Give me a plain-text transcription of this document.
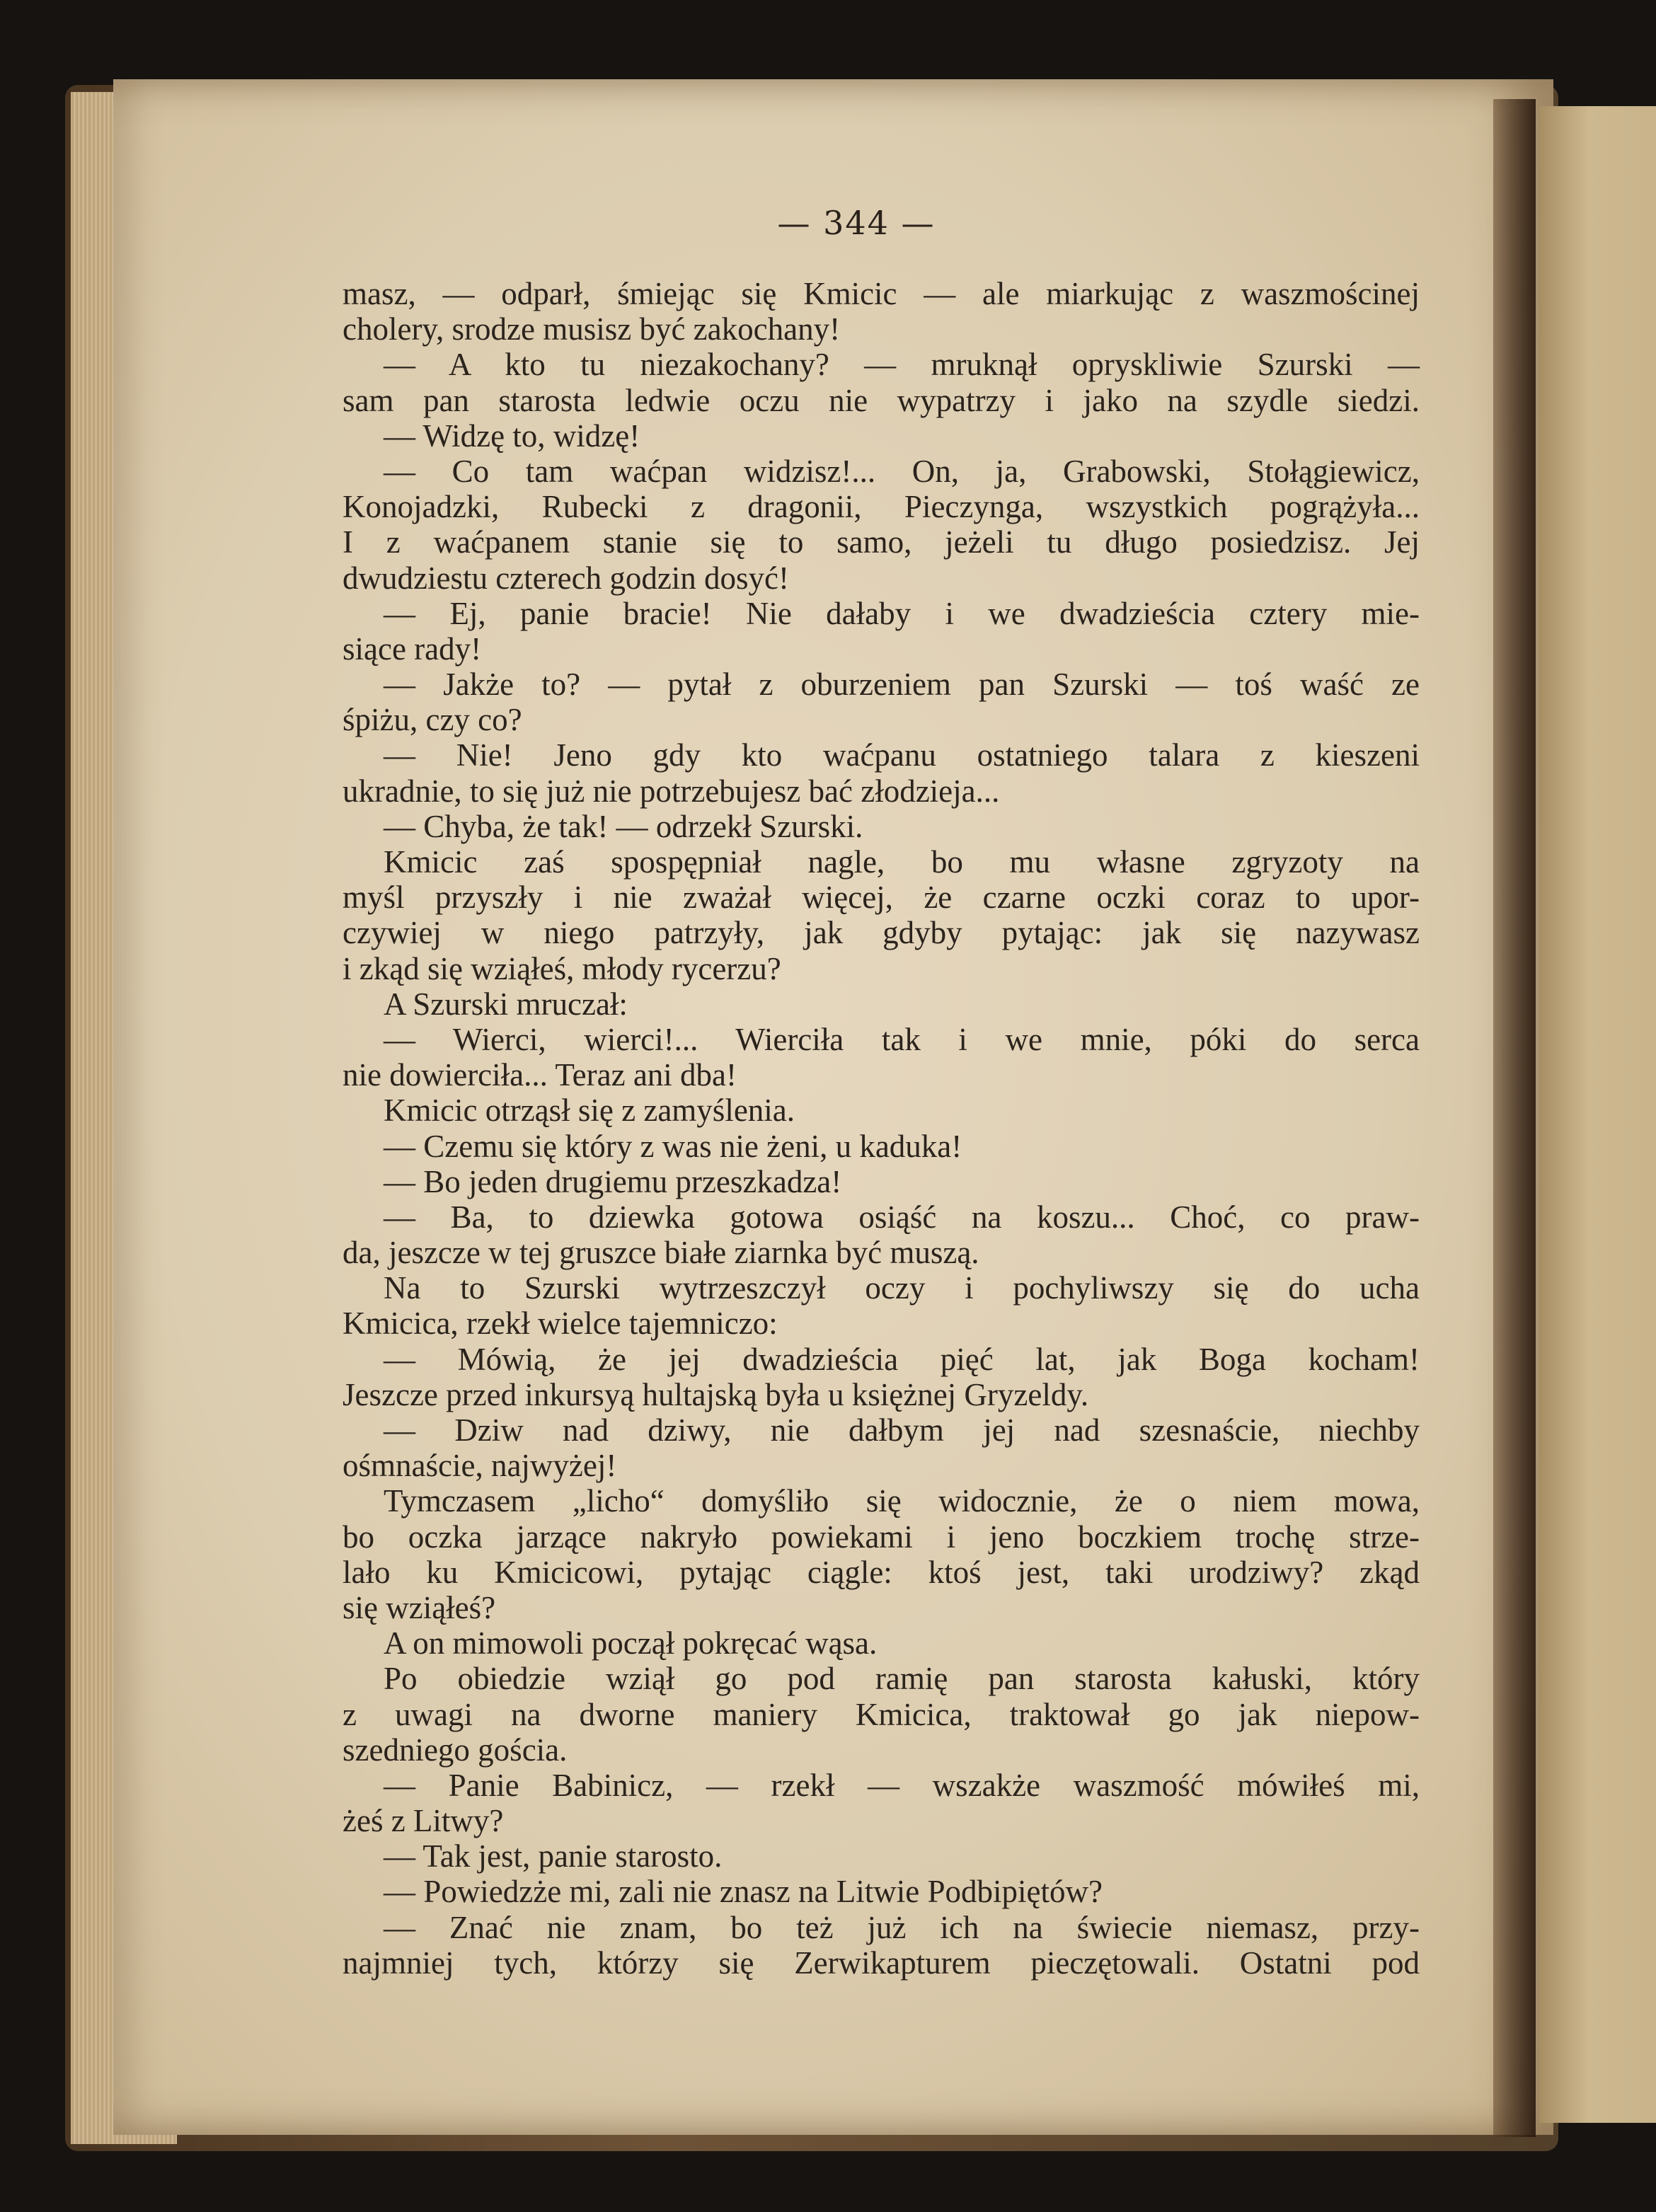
— 344 —
masz, — odparł, śmiejąc się Kmicic — ale miarkując z waszmościnej
cholery, srodze musisz być zakochany!
— A kto tu niezakochany? — mruknął opryskliwie Szurski —
sam pan starosta ledwie oczu nie wypatrzy i jako na szydle siedzi.
— Widzę to, widzę!
— Co tam waćpan widzisz!... On, ja, Grabowski, Stołągiewicz,
Konojadzki, Rubecki z dragonii, Pieczynga, wszystkich pogrążyła...
I z waćpanem stanie się to samo, jeżeli tu długo posiedzisz. Jej
dwudziestu czterech godzin dosyć!
— Ej, panie bracie! Nie dałaby i we dwadzieścia cztery mie-
siące rady!
— Jakże to? — pytał z oburzeniem pan Szurski — toś waść ze
śpiżu, czy co?
— Nie! Jeno gdy kto waćpanu ostatniego talara z kieszeni
ukradnie, to się już nie potrzebujesz bać złodzieja...
— Chyba, że tak! — odrzekł Szurski.
Kmicic zaś spospępniał nagle, bo mu własne zgryzoty na
myśl przyszły i nie zważał więcej, że czarne oczki coraz to upor-
czywiej w niego patrzyły, jak gdyby pytając: jak się nazywasz
i zkąd się wziąłeś, młody rycerzu?
A Szurski mruczał:
— Wierci, wierci!... Wierciła tak i we mnie, póki do serca
nie dowierciła... Teraz ani dba!
Kmicic otrząsł się z zamyślenia.
— Czemu się który z was nie żeni, u kaduka!
— Bo jeden drugiemu przeszkadza!
— Ba, to dziewka gotowa osiąść na koszu... Choć, co praw-
da, jeszcze w tej gruszce białe ziarnka być muszą.
Na to Szurski wytrzeszczył oczy i pochyliwszy się do ucha
Kmicica, rzekł wielce tajemniczo:
— Mówią, że jej dwadzieścia pięć lat, jak Boga kocham!
Jeszcze przed inkursyą hultajską była u księżnej Gryzeldy.
— Dziw nad dziwy, nie dałbym jej nad szesnaście, niechby
ośmnaście, najwyżej!
Tymczasem „licho“ domyśliło się widocznie, że o niem mowa,
bo oczka jarzące nakryło powiekami i jeno boczkiem trochę strze-
lało ku Kmicicowi, pytając ciągle: ktoś jest, taki urodziwy? zkąd
się wziąłeś?
A on mimowoli począł pokręcać wąsa.
Po obiedzie wziął go pod ramię pan starosta kałuski, który
z uwagi na dworne maniery Kmicica, traktował go jak niepow-
szedniego gościa.
— Panie Babinicz, — rzekł — wszakże waszmość mówiłeś mi,
żeś z Litwy?
— Tak jest, panie starosto.
— Powiedzże mi, zali nie znasz na Litwie Podbipiętów?
— Znać nie znam, bo też już ich na świecie niemasz, przy-
najmniej tych, którzy się Zerwikapturem pieczętowali. Ostatni pod
